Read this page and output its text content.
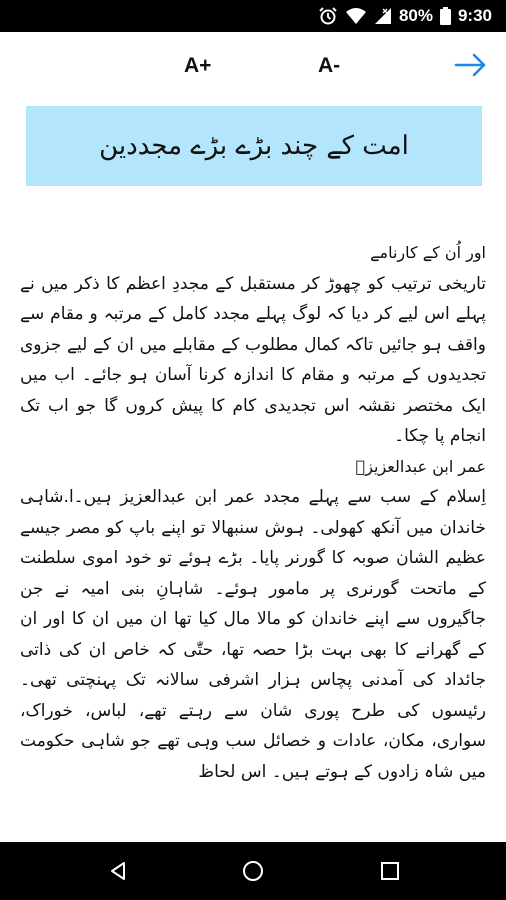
80% 9:30
A+	A-
امت کے چند بڑے بڑے مجددین

اور اُن کے کارنامے

تاریخی ترتیب کو چھوڑ کر مستقبل کے مجددِ اعظم کا ذکر میں نے پہلے اس لیے کر دیا کہ لوگ پہلے مجدد کامل کے مرتبہ و مقام سے واقف ہو جائیں تاکہ کمال مطلوب کے مقابلے میں ان کے لیے جزوی تجدیدوں کے مرتبہ و مقام کا اندازہ کرنا آسان ہو جائے۔ اب میں ایک مختصر نقشہ اس تجدیدی کام کا پیش کروں گا جو اب تک انجام پا چکا۔

عمر ابن عبدالعزیزؒ

اِسلام کے سب سے پہلے مجدد عمر ابن عبدالعزیز ہیں۔ا.شاہی خاندان میں آنکھ کھولی۔ ہوش سنبھالا تو اپنے باپ کو مصر جیسے عظیم الشان صوبہ کا گورنر پایا۔ بڑے ہوئے تو خود اموی سلطنت کے ماتحت گورنری پر مامور ہوئے۔ شاہانِ بنی امیہ نے جن جاگیروں سے اپنے خاندان کو مالا مال کیا تھا ان میں ان کا اور ان کے گھرانے کا بھی بہت بڑا حصہ تھا، حتّٰی کہ خاص ان کی ذاتی جائداد کی آمدنی پچاس ہزار اشرفی سالانہ تک پہنچتی تھی۔ رئیسوں کی طرح پوری شان سے رہتے تھے، لباس، خوراک، سواری، مکان، عادات و خصائل سب وہی تھے جو شاہی حکومت میں شاہ زادوں کے ہوتے ہیں۔ اس لحاظ
